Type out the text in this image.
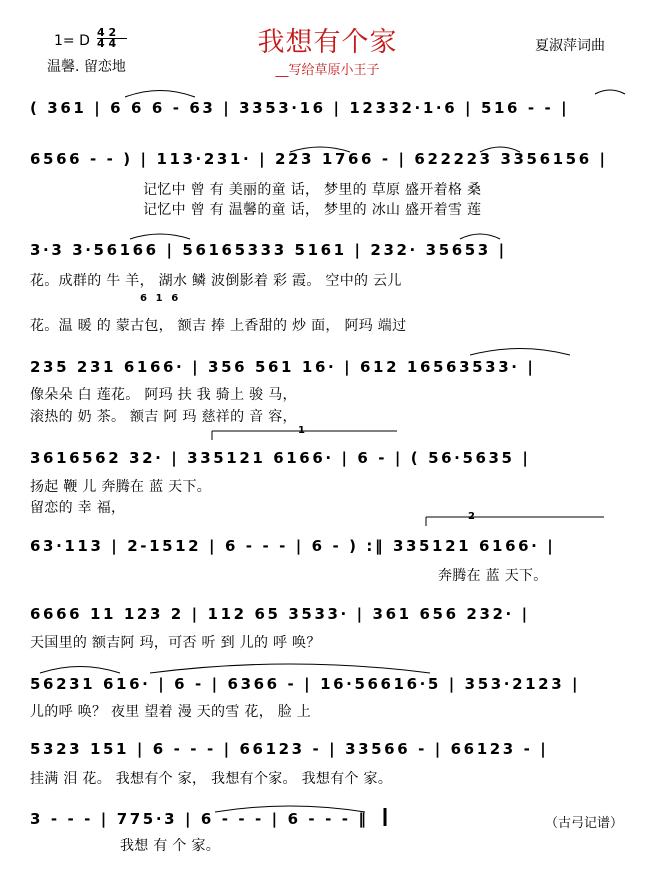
我想有个家
__写给草原小王子
1= D
4 2
4 4
温馨. 留恋地
夏淑萍词曲
( 361 | 6 6 6 - 63 | 3353·16 | 12332·1·6 | 516 - - |
6566 - - ) | 113·231· | 223 1766 - | 622223 3356156 |
记忆中 曾 有 美丽的童 话， 梦里的 草原 盛开着格 桑
记忆中 曾 有 温馨的童 话， 梦里的 冰山 盛开着雪 莲
3·3 3·56166 | 56165333 5161 | 232· 35653 |
花。成群的 牛 羊， 湖水 鳞 波倒影着 彩 霞。 空中的 云儿
6 1 6
花。温 暖 的 蒙古包， 额吉 捧 上香甜的 炒 面， 阿玛 端过
235 231 6166· | 356 561 16· | 612 16563533· |
像朵朵 白 莲花。 阿玛 扶 我 骑上 骏 马，
滚热的 奶 茶。 额吉 阿 玛 慈祥的 音 容，
1
3616562 32· | 335121 6166· | 6 - | ( 56·5635 |
扬起 鞭 儿 奔腾在 蓝 天下。
留恋的 幸 福，
2
63·113 | 2-1512 | 6 - - - | 6 - ) :‖ 335121 6166· |
奔腾在 蓝 天下。
6666 11 123 2 | 112 65 3533· | 361 656 232· |
天国里的 额吉阿 玛，可否 听 到 儿的 呼 唤？
56231 616· | 6 - | 6366 - | 16·56616·5 | 353·2123 |
儿的呼 唤？ 夜里 望着 漫 天的雪 花， 脸 上
5323 151 | 6 - - - | 66123 - | 33566 - | 66123 - |
挂满 泪 花。 我想有个 家， 我想有个家。 我想有个 家。
3 - - - | 775·3 | 6 - - - | 6 - - - ‖
我想 有 个 家。
（古弓记谱）
